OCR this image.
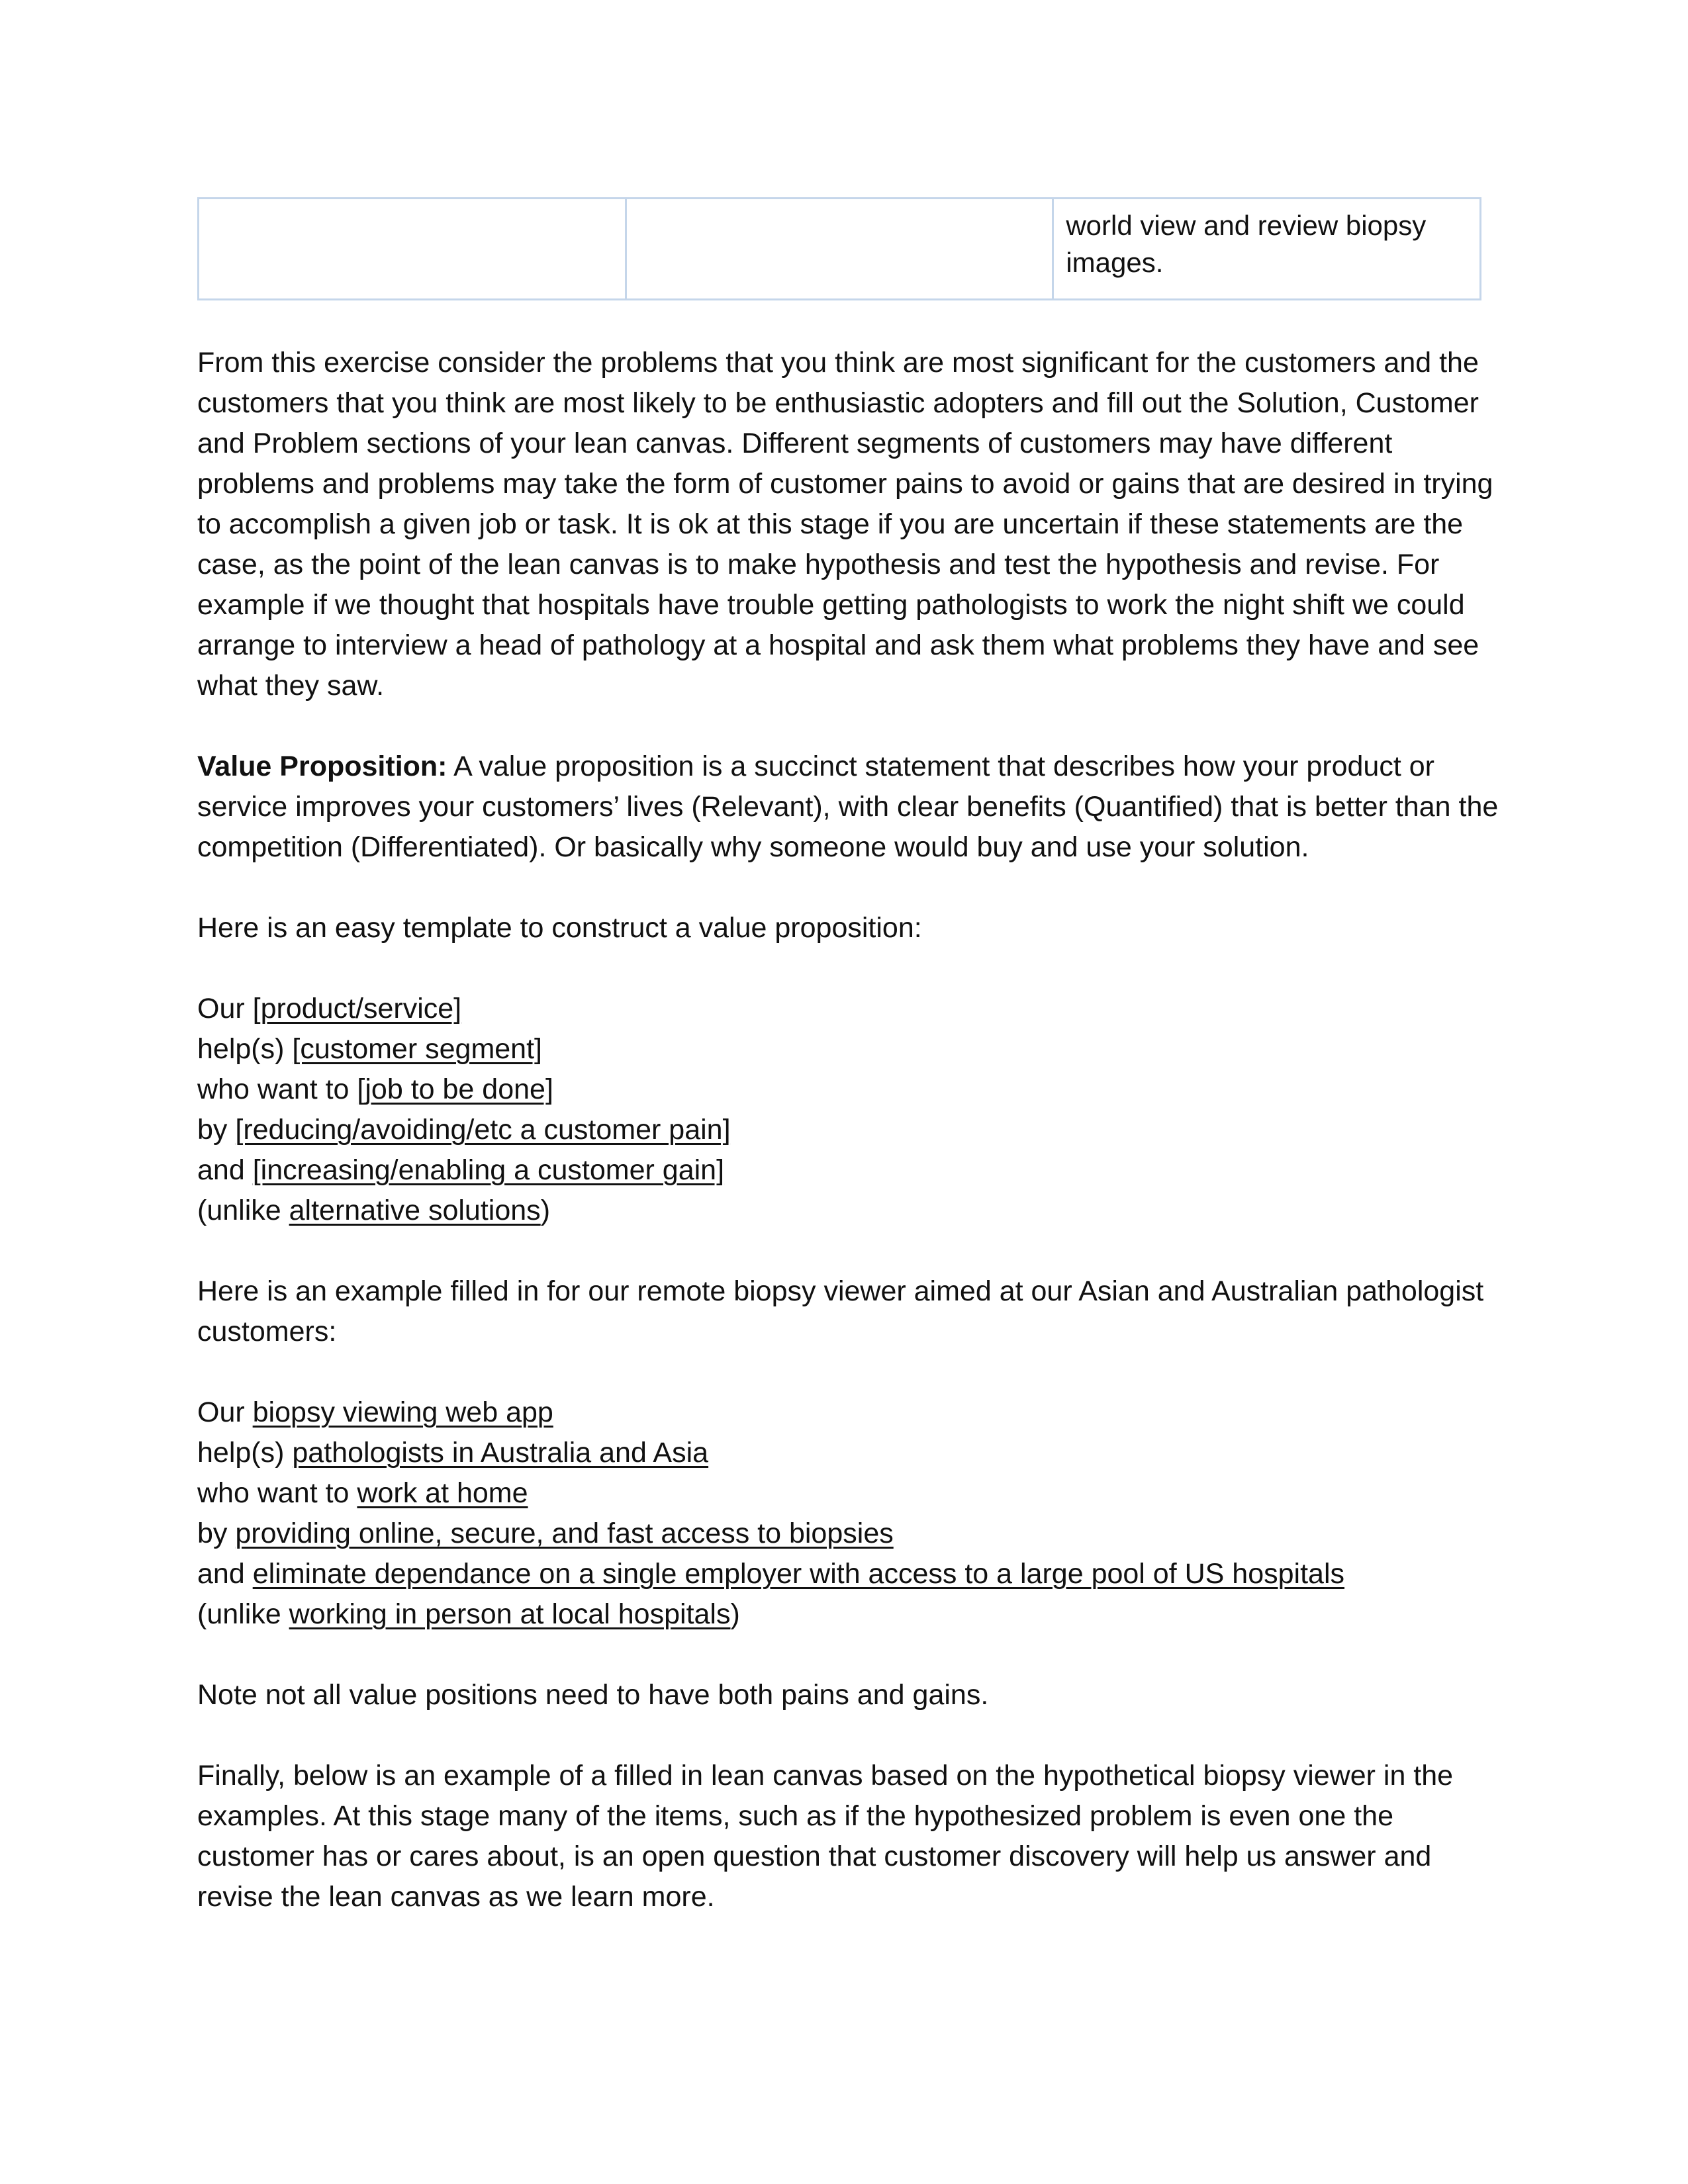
world view and review biopsy images.

From this exercise consider the problems that you think are most significant for the customers and the customers that you think are most likely to be enthusiastic adopters and fill out the Solution, Customer and Problem sections of your lean canvas. Different segments of customers may have different problems and problems may take the form of customer pains to avoid or gains that are desired in trying to accomplish a given job or task. It is ok at this stage if you are uncertain if these statements are the case, as the point of the lean canvas is to make hypothesis and test the hypothesis and revise. For example if we thought that hospitals have trouble getting pathologists to work the night shift we could arrange to interview a head of pathology at a hospital and ask them what problems they have and see what they saw.

Value Proposition: A value proposition is a succinct statement that describes how your product or service improves your customers’ lives (Relevant), with clear benefits (Quantified) that is better than the competition (Differentiated). Or basically why someone would buy and use your solution.

Here is an easy template to construct a value proposition:

Our [product/service]
help(s) [customer segment]
who want to [job to be done]
by [reducing/avoiding/etc a customer pain]
and [increasing/enabling a customer gain]
(unlike alternative solutions)

Here is an example filled in for our remote biopsy viewer aimed at our Asian and Australian pathologist customers:

Our biopsy viewing web app
help(s) pathologists in Australia and Asia
who want to work at home
by providing online, secure, and fast access to biopsies
and eliminate dependance on a single employer with access to a large pool of US hospitals
(unlike working in person at local hospitals)

Note not all value positions need to have both pains and gains.

Finally, below is an example of a filled in lean canvas based on the hypothetical biopsy viewer in the examples. At this stage many of the items, such as if the hypothesized problem is even one the customer has or cares about, is an open question that customer discovery will help us answer and revise the lean canvas as we learn more.
